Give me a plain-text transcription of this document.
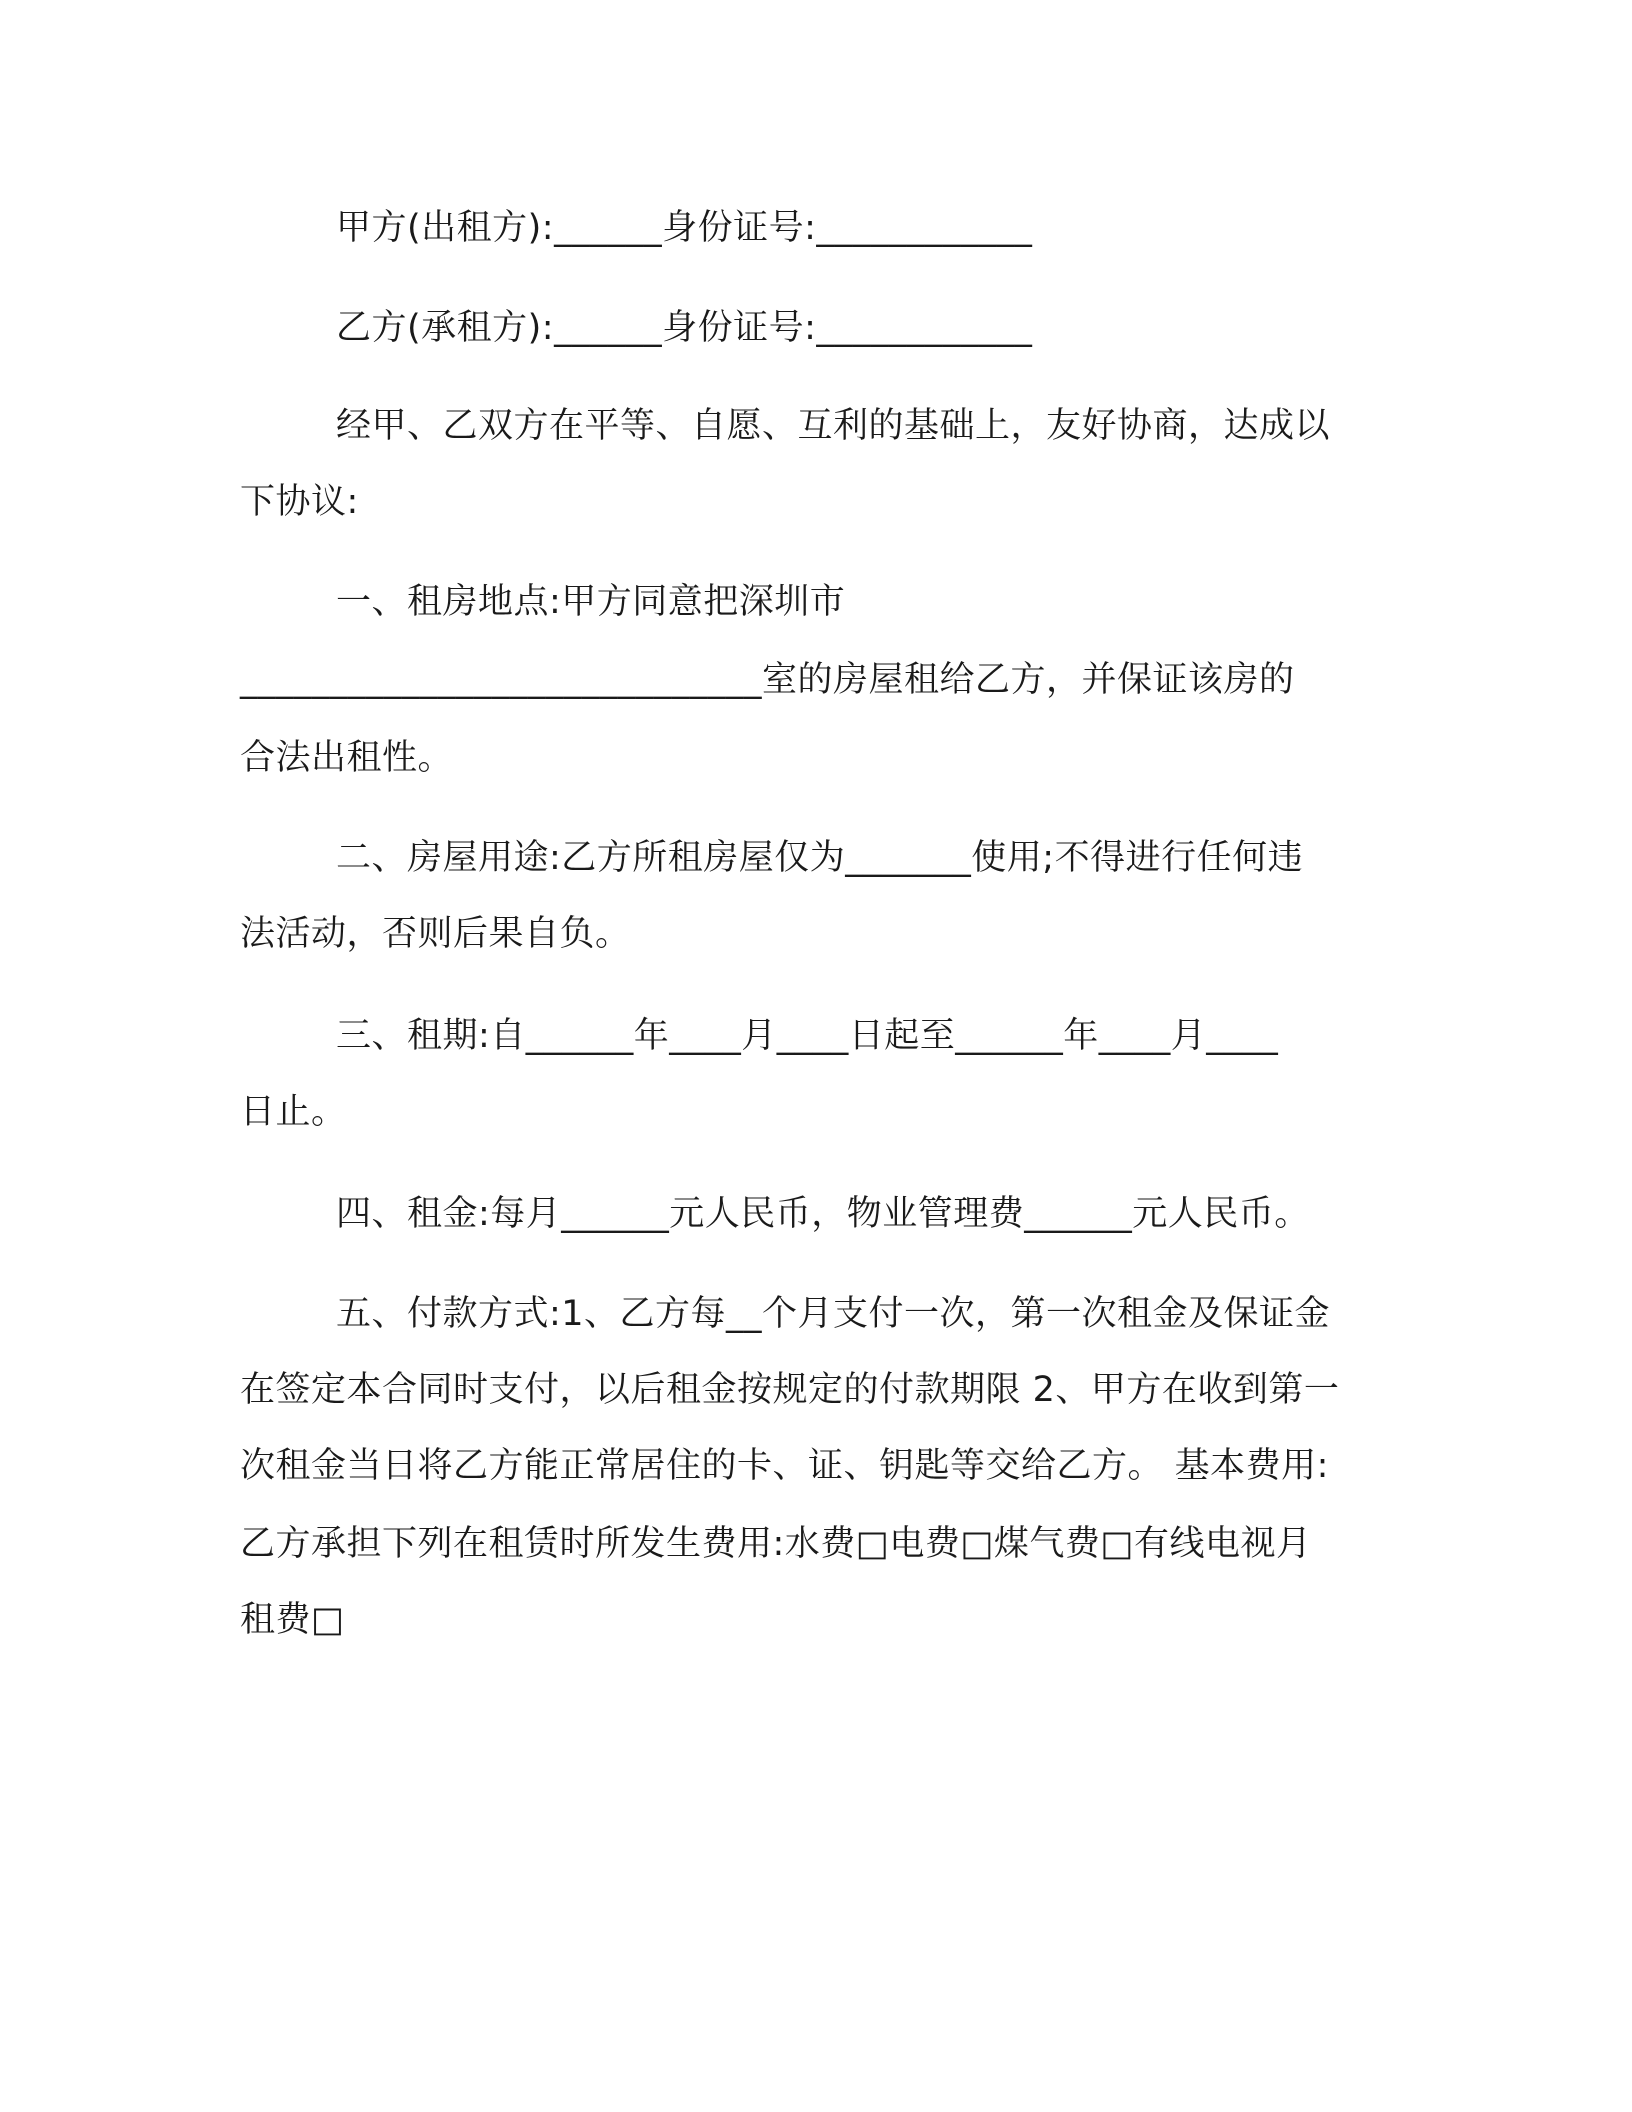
甲方(出租方):______身份证号:____________
乙方(承租方):______身份证号:____________
经甲、乙双方在平等、自愿、互利的基础上，友好协商，达成以
下协议:
一、租房地点:甲方同意把深圳市
_____________________________室的房屋租给乙方，并保证该房的
合法出租性。
二、房屋用途:乙方所租房屋仅为_______使用;不得进行任何违
法活动，否则后果自负。
三、租期:自______年____月____日起至______年____月____
日止。
四、租金:每月______元人民币，物业管理费______元人民币。
五、付款方式:1、乙方每__个月支付一次，第一次租金及保证金
在签定本合同时支付，以后租金按规定的付款期限 2、甲方在收到第一
次租金当日将乙方能正常居住的卡、证、钥匙等交给乙方。 基本费用:
乙方承担下列在租赁时所发生费用:水费□电费□煤气费□有线电视月
租费□
